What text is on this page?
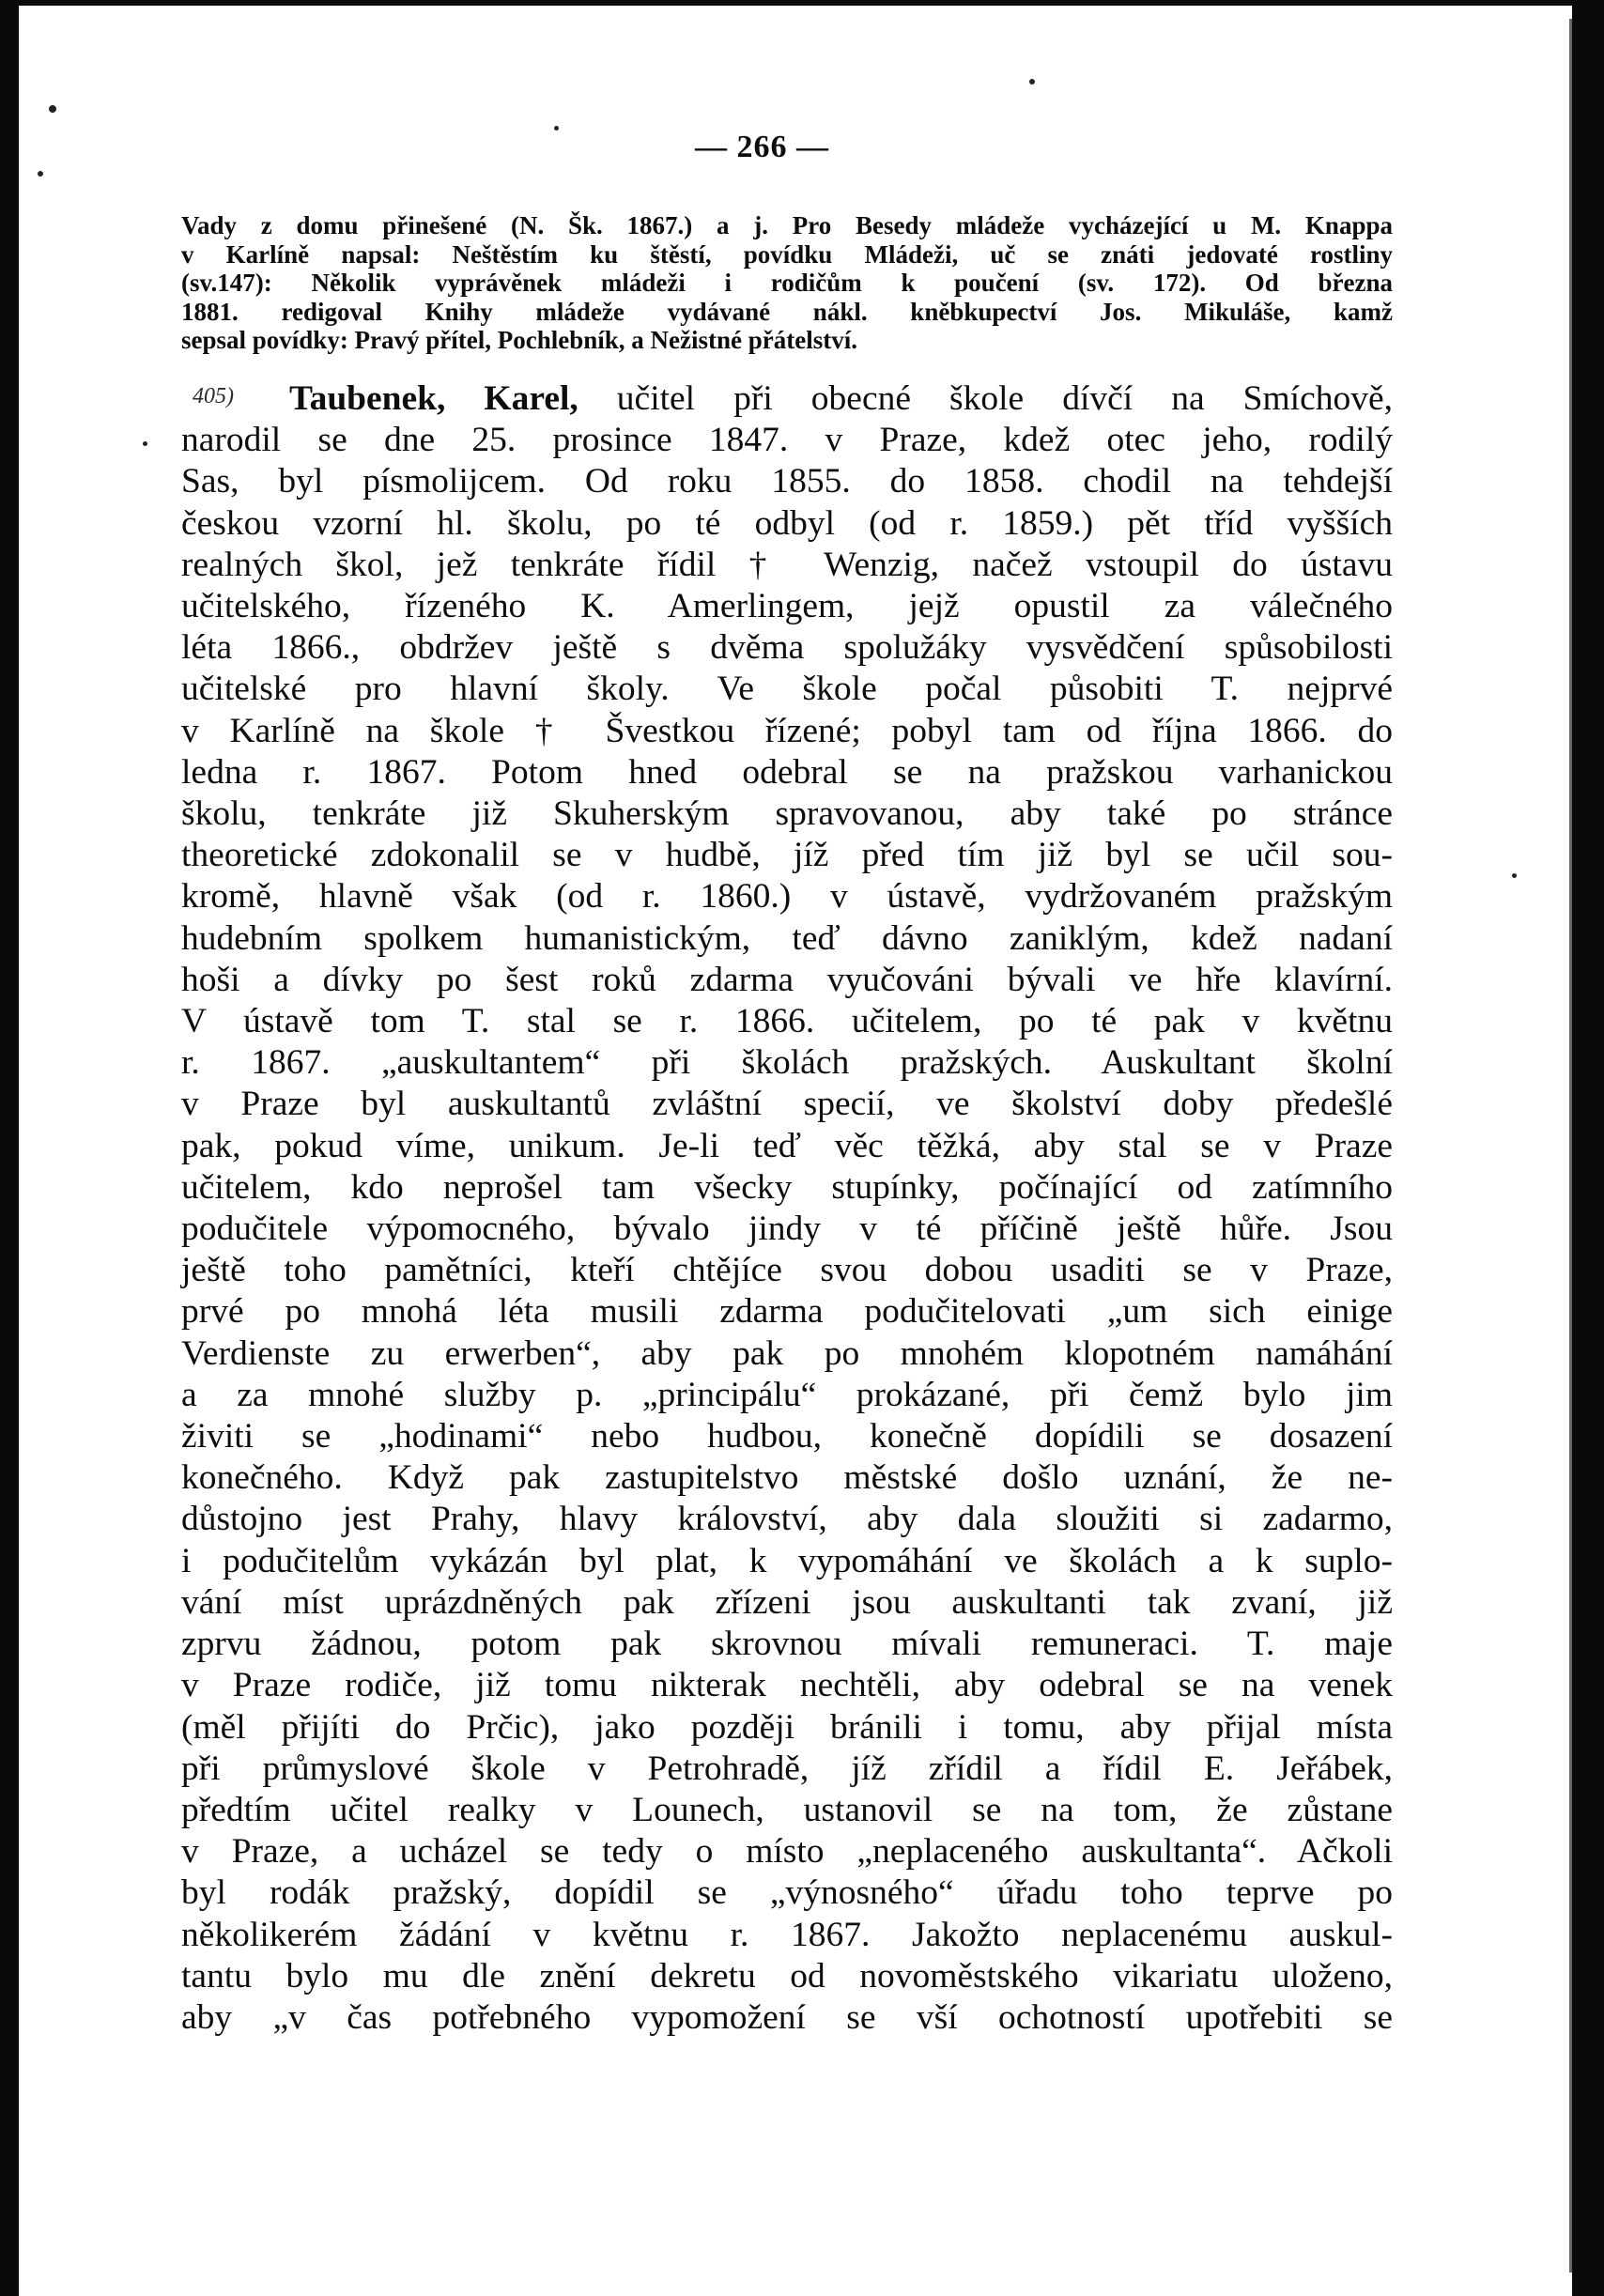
— 266 —
Vady z domu přinešené (N. Šk. 1867.) a j. Pro Besedy mládeže vycházející u M. Knappa
v Karlíně napsal: Neštěstím ku štěstí, povídku Mládeži, uč se znáti jedovaté rostliny
(sv.147): Několik vyprávěnek mládeži i rodičům k poučení (sv. 172). Od března
1881. redigoval Knihy mládeže vydávané nákl. kněbkupectví Jos. Mikuláše, kamž
sepsal povídky: Pravý přítel, Pochlebník, a Nežistné přátelství.
405)	Taubenek, Karel, učitel při obecné škole dívčí na Smíchově,
narodil se dne 25. prosince 1847. v Praze, kdež otec jeho, rodilý
Sas, byl písmolijcem. Od roku 1855. do 1858. chodil na tehdejší
českou vzorní hl. školu, po té odbyl (od r. 1859.) pět tříd vyšších
realných škol, jež tenkráte řídil † Wenzig, načež vstoupil do ústavu
učitelského, řízeného K. Amerlingem, jejž opustil za válečného
léta 1866., obdržev ještě s dvěma spolužáky vysvědčení spůsobilosti
učitelské pro hlavní školy. Ve škole počal působiti T. nejprvé
v Karlíně na škole † Švestkou řízené; pobyl tam od října 1866. do
ledna r. 1867. Potom hned odebral se na pražskou varhanickou
školu, tenkráte již Skuherským spravovanou, aby také po stránce
theoretické zdokonalil se v hudbě, jíž před tím již byl se učil sou-
kromě, hlavně však (od r. 1860.) v ústavě, vydržovaném pražským
hudebním spolkem humanistickým, teď dávno zaniklým, kdež nadaní
hoši a dívky po šest roků zdarma vyučováni bývali ve hře klavírní.
V ústavě tom T. stal se r. 1866. učitelem, po té pak v květnu
r. 1867. „auskultantem“ při školách pražských. Auskultant školní
v Praze byl auskultantů zvláštní specií, ve školství doby předešlé
pak, pokud víme, unikum. Je-li teď věc těžká, aby stal se v Praze
učitelem, kdo neprošel tam všecky stupínky, počínající od zatímního
podučitele výpomocného, bývalo jindy v té příčině ještě hůře. Jsou
ještě toho pamětníci, kteří chtějíce svou dobou usaditi se v Praze,
prvé po mnohá léta musili zdarma podučitelovati „um sich einige
Verdienste zu erwerben“, aby pak po mnohém klopotném namáhání
a za mnohé služby p. „principálu“ prokázané, při čemž bylo jim
živiti se „hodinami“ nebo hudbou, konečně dopídili se dosazení
konečného. Když pak zastupitelstvo městské došlo uznání, že ne-
důstojno jest Prahy, hlavy království, aby dala sloužiti si zadarmo,
i podučitelům vykázán byl plat, k vypomáhání ve školách a k suplo-
vání míst uprázdněných pak zřízeni jsou auskultanti tak zvaní, již
zprvu žádnou, potom pak skrovnou mívali remuneraci. T. maje
v Praze rodiče, již tomu nikterak nechtěli, aby odebral se na venek
(měl přijíti do Prčic), jako později bránili i tomu, aby přijal místa
při průmyslové škole v Petrohradě, jíž zřídil a řídil E. Jeřábek,
předtím učitel realky v Lounech, ustanovil se na tom, že zůstane
v Praze, a ucházel se tedy o místo „neplaceného auskultanta“. Ačkoli
byl rodák pražský, dopídil se „výnosného“ úřadu toho teprve po
několikerém žádání v květnu r. 1867. Jakožto neplacenému auskul-
tantu bylo mu dle znění dekretu od novoměstského vikariatu uloženo,
aby „v čas potřebného vypomožení se vší ochotností upotřebiti se
